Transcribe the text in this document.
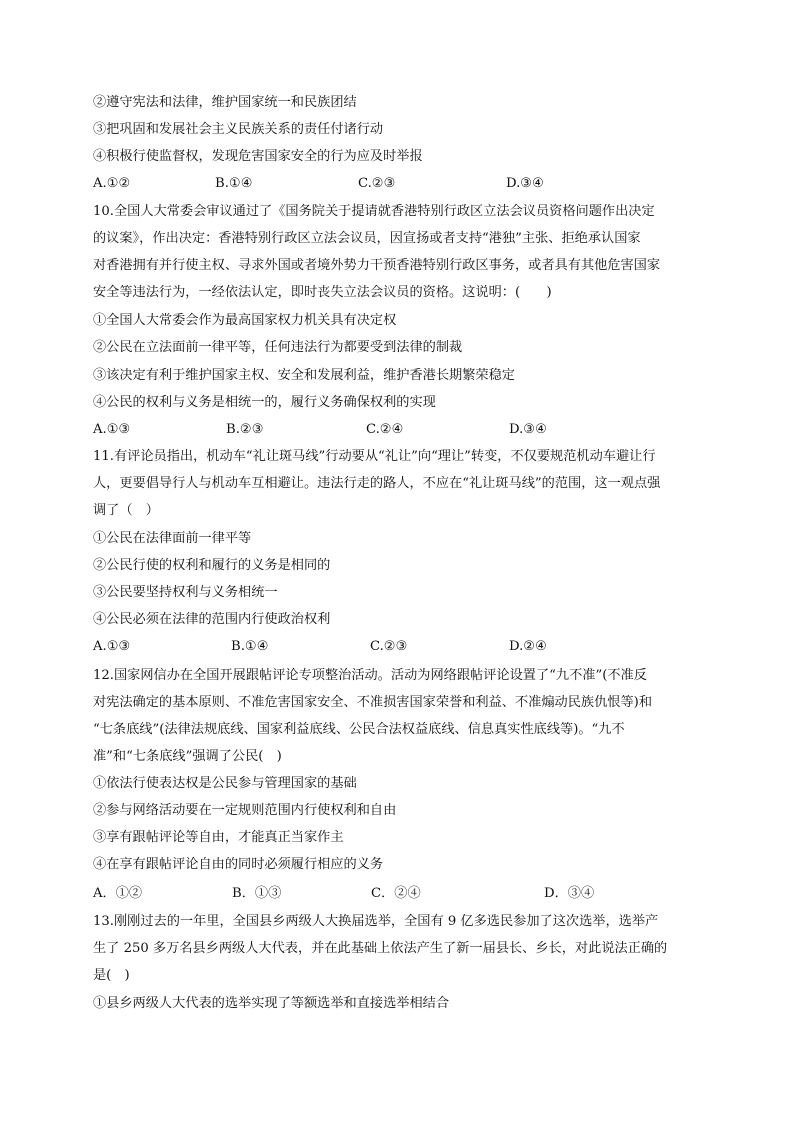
②遵守宪法和法律，维护国家统一和民族团结
③把巩固和发展社会主义民族关系的责任付诸行动
④积极行使监督权，发现危害国家安全的行为应及时举报
A.①②	B.①④	C.②③	D.③④
10.全国人大常委会审议通过了《国务院关于提请就香港特别行政区立法会议员资格问题作出决定
的议案》，作出决定：香港特别行政区立法会议员，因宣扬或者支持“港独”主张、拒绝承认国家
对香港拥有并行使主权、寻求外国或者境外势力干预香港特别行政区事务，或者具有其他危害国家
安全等违法行为，一经依法认定，即时丧失立法会议员的资格。这说明：(　　)
①全国人大常委会作为最高国家权力机关具有决定权
②公民在立法面前一律平等，任何违法行为都要受到法律的制裁
③该决定有利于维护国家主权、安全和发展利益，维护香港长期繁荣稳定
④公民的权利与义务是相统一的，履行义务确保权利的实现
A.①③	B.②③	C.②④	D.③④
11.有评论员指出，机动车“礼让斑马线”行动要从“礼让”向“理让”转变，不仅要规范机动车避让行
人，更要倡导行人与机动车互相避让。违法行走的路人，不应在“礼让斑马线”的范围，这一观点强
调了（　）
①公民在法律面前一律平等
②公民行使的权利和履行的义务是相同的
③公民要坚持权利与义务相统一
④公民必须在法律的范围内行使政治权利
A.①③	B.①④	C.②③	D.②④
12.国家网信办在全国开展跟帖评论专项整治活动。活动为网络跟帖评论设置了“九不准”(不准反
对宪法确定的基本原则、不准危害国家安全、不准损害国家荣誉和利益、不准煽动民族仇恨等)和
“七条底线”(法律法规底线、国家利益底线、公民合法权益底线、信息真实性底线等)。“九不
准”和“七条底线”强调了公民(　)
①依法行使表达权是公民参与管理国家的基础
②参与网络活动要在一定规则范围内行使权利和自由
③享有跟帖评论等自由，才能真正当家作主
④在享有跟帖评论自由的同时必须履行相应的义务
A．①②	B．①③	C．②④	D．③④
13.刚刚过去的一年里，全国县乡两级人大换届选举，全国有 9 亿多选民参加了这次选举，选举产
生了 250 多万名县乡两级人大代表，并在此基础上依法产生了新一届县长、乡长，对此说法正确的
是(　)
①县乡两级人大代表的选举实现了等额选举和直接选举相结合
